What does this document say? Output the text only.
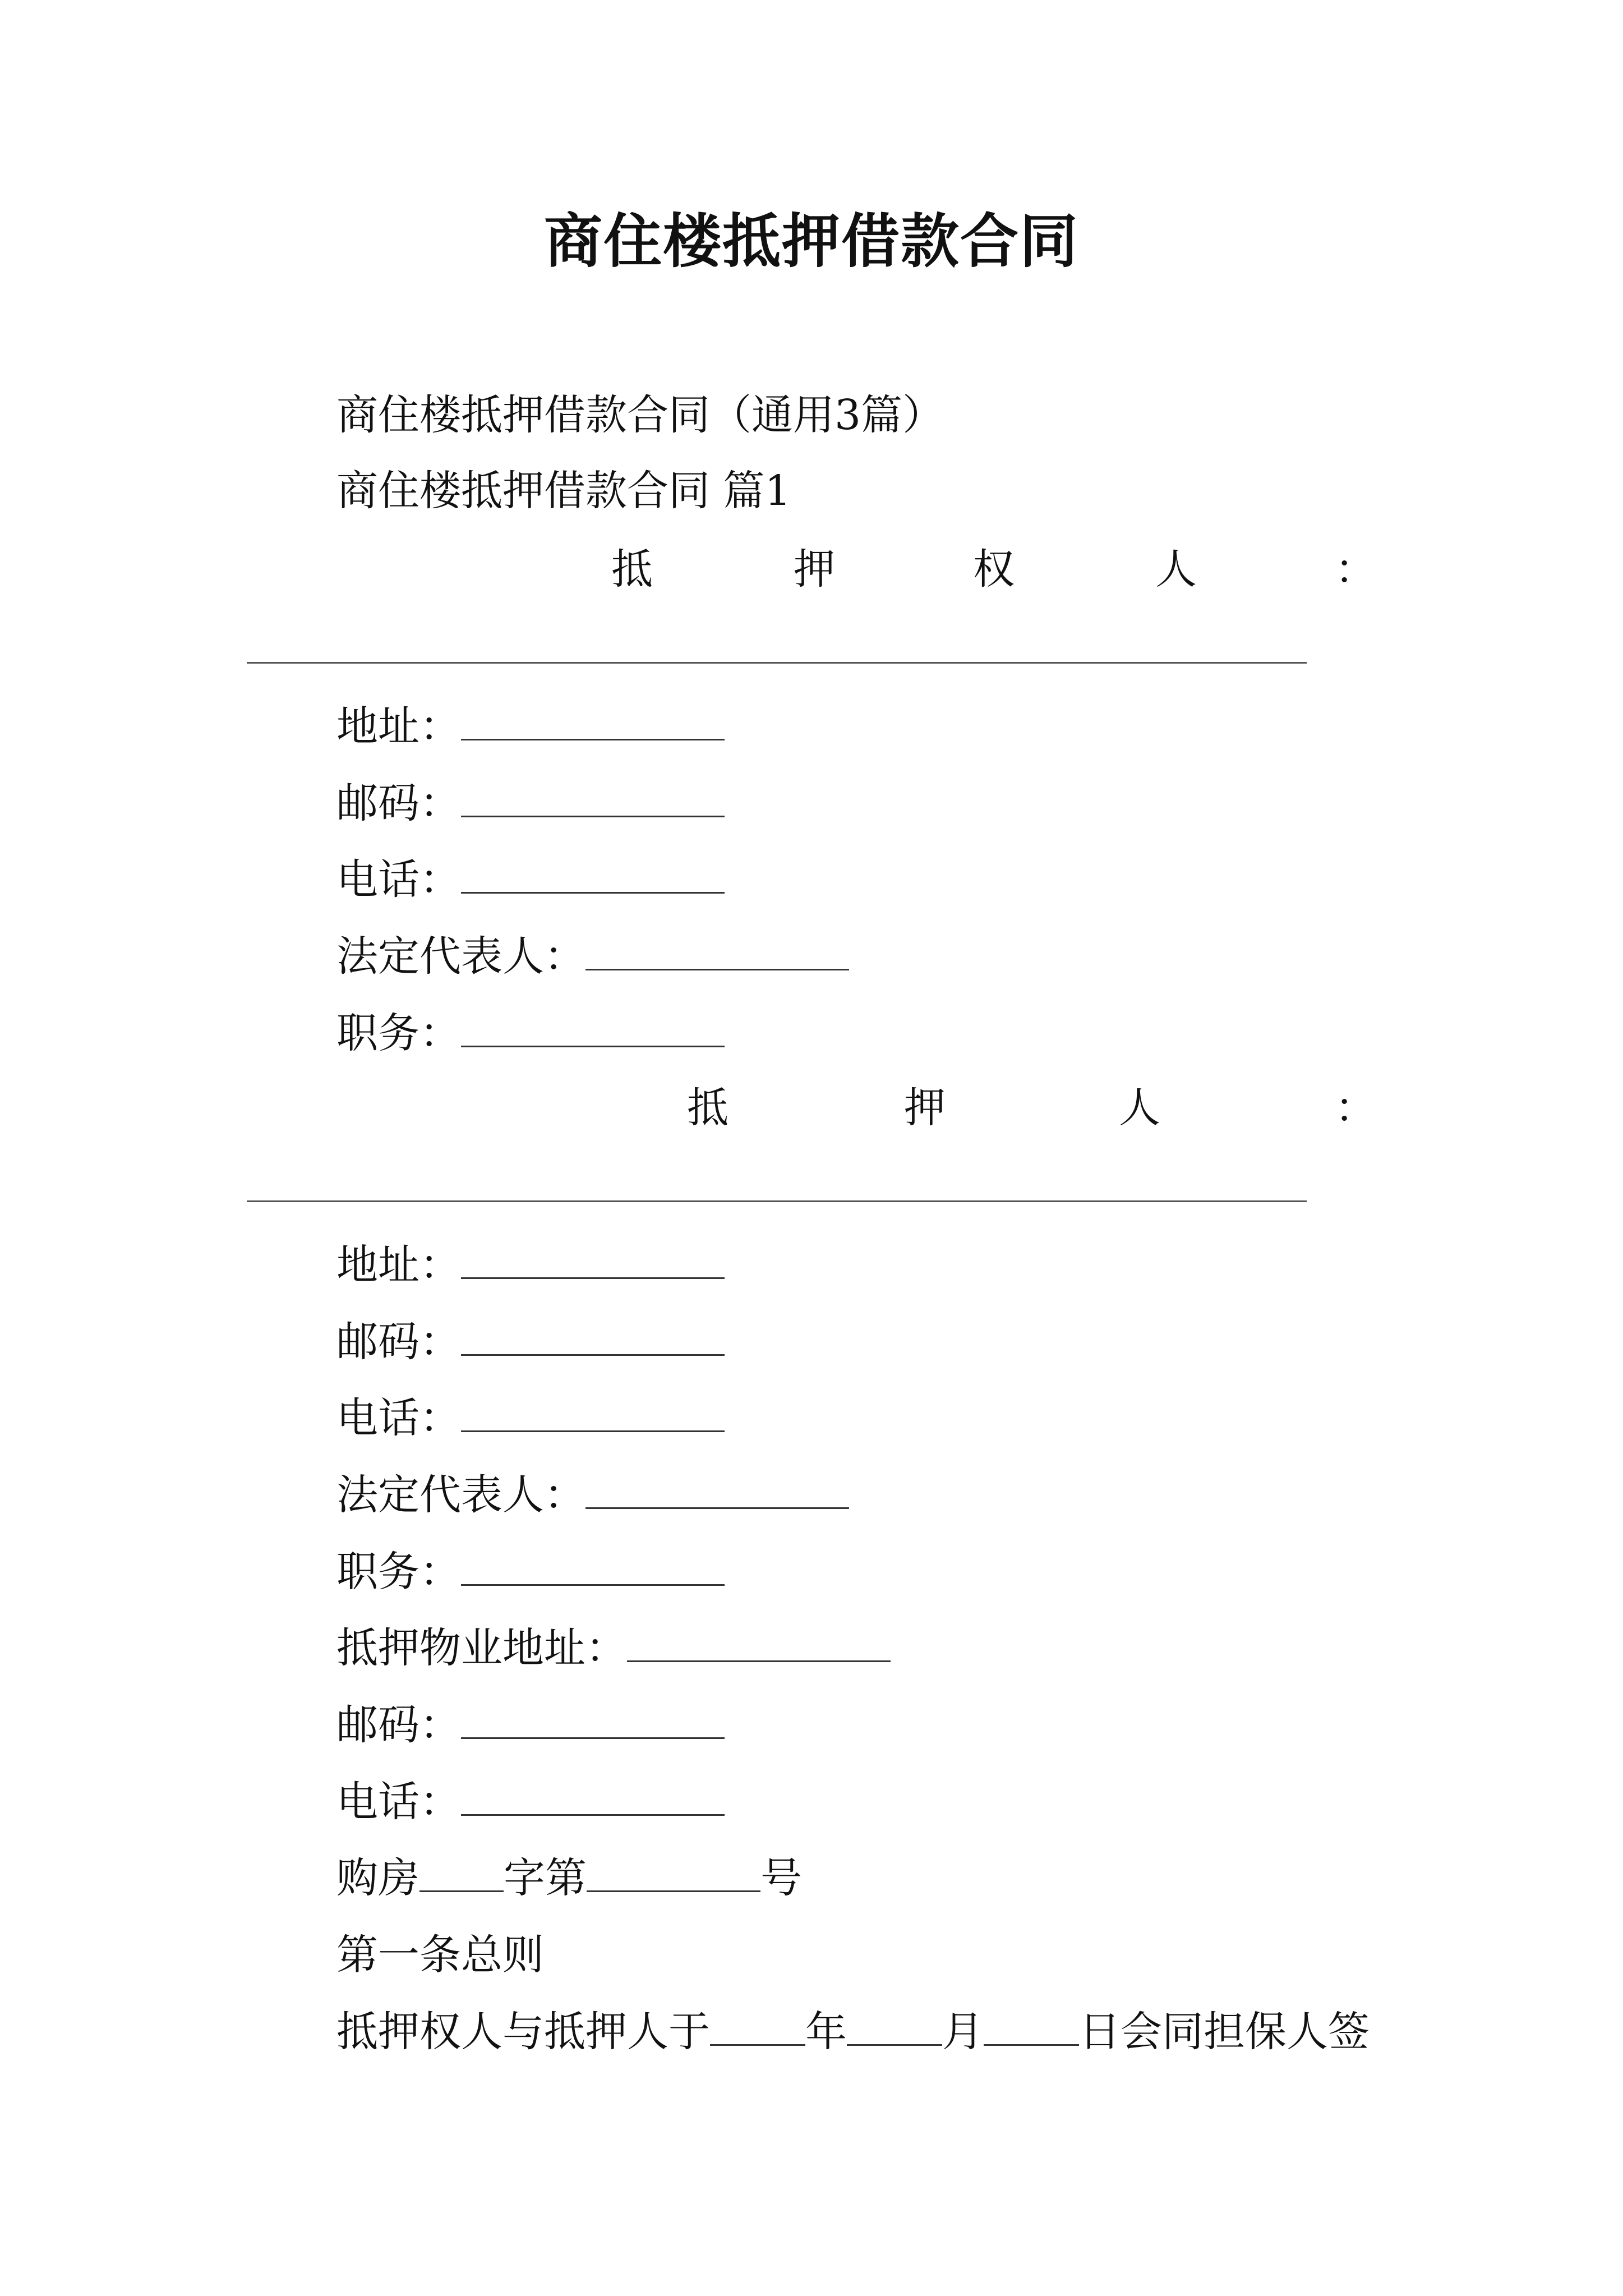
商住楼抵押借款合同
商住楼抵押借款合同（通用3篇）
商住楼抵押借款合同 篇1
抵	押	权	人	：
地址：
邮码：
电话：
法定代表人：
职务：
抵	押	人	：
地址：
邮码：
电话：
法定代表人：
职务：
抵押物业地址：
邮码：
电话：
购房 字第	号
第一条总则
抵押权人与抵押人于 年 月 日会同担保人签
